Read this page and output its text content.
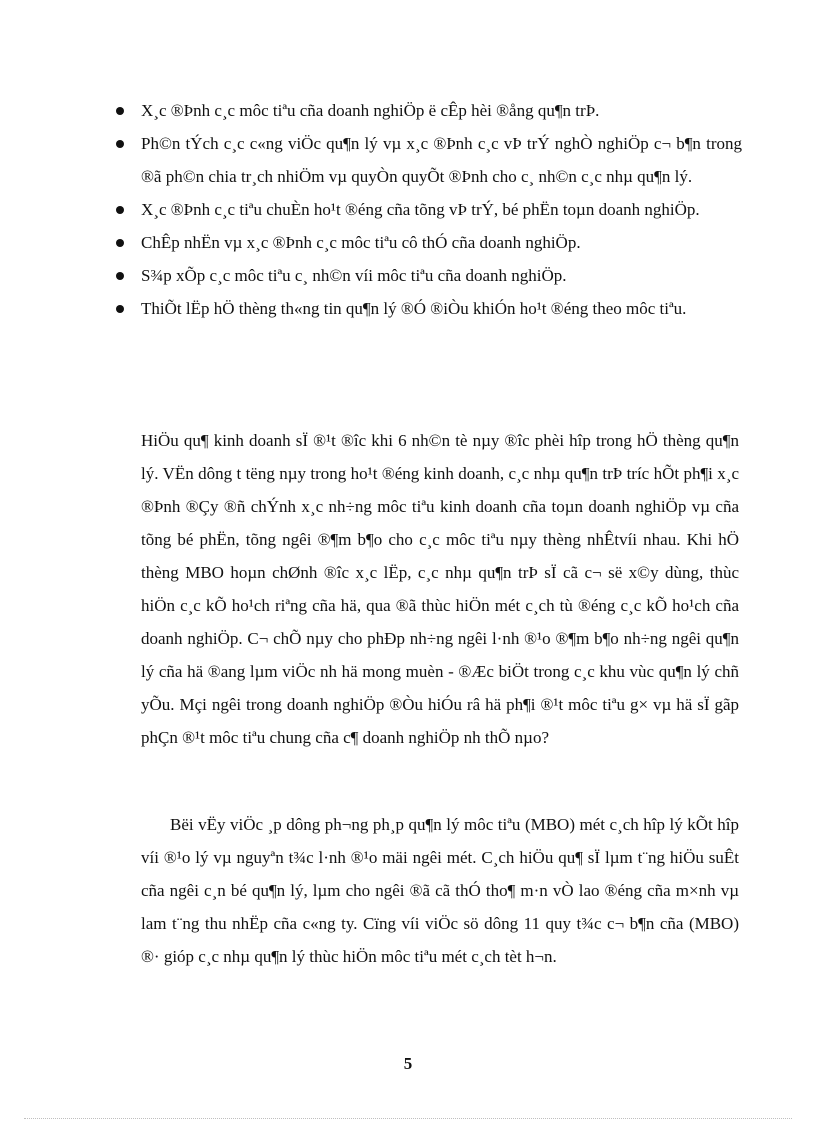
X¸c ®Þnh c¸c môc tiªu cña doanh nghiÖp ë cÊp hèi ®ång qu¶n trÞ.
Ph©n tÝch c¸c c«ng viÖc qu¶n lý vµ x¸c ®Þnh c¸c vÞ trÝ nghÒ nghiÖp c¬ b¶n trong ®ã ph©n chia tr¸ch nhiÖm vµ quyÒn quyÕt ®Þnh cho c¸ nh©n c¸c nhµ qu¶n lý.
X¸c ®Þnh c¸c tiªu chuÈn ho¹t ®éng cña tõng vÞ trÝ, bé phËn toµn doanh nghiÖp.
ChÊp nhËn vµ x¸c ®Þnh c¸c môc tiªu cô thÓ cña doanh nghiÖp.
S¾p xÕp c¸c môc tiªu c¸ nh©n víi môc tiªu cña doanh nghiÖp.
ThiÕt lËp hÖ thèng th«ng tin qu¶n lý ®Ó ®iÒu khiÓn ho¹t ®éng theo môc tiªu.

HiÖu qu¶ kinh doanh sÏ ®¹t ®îc khi 6 nh©n tè nµy ®îc phèi hîp trong hÖ thèng qu¶n lý. VËn dông t tëng nµy trong ho¹t ®éng kinh doanh, c¸c nhµ qu¶n trÞ tríc hÕt ph¶i x¸c ®Þnh ®Çy ®ñ chÝnh x¸c nh÷ng môc tiªu kinh doanh cña toµn doanh nghiÖp vµ cña tõng bé phËn, tõng ngêi ®¶m b¶o cho c¸c môc tiªu nµy thèng nhÊtvíi nhau. Khi hÖ thèng MBO hoµn chØnh ®îc x¸c lËp, c¸c nhµ qu¶n trÞ sÏ cã c¬ së x©y dùng, thùc hiÖn c¸c kÕ ho¹ch riªng cña hä, qua ®ã thùc hiÖn mét c¸ch tù ®éng c¸c kÕ ho¹ch cña doanh nghiÖp. C¬ chÕ nµy cho phÐp nh÷ng ngêi l·nh ®¹o ®¶m b¶o nh÷ng ngêi qu¶n lý cña hä ®ang lµm viÖc nh hä mong muèn - ®Æc biÖt trong c¸c khu vùc qu¶n lý chñ yÕu. Mçi ngêi trong doanh nghiÖp ®Òu hiÓu râ hä ph¶i ®¹t môc tiªu g× vµ hä sÏ gãp phÇn ®¹t môc tiªu chung cña c¶ doanh nghiÖp nh thÕ nµo?

Bëi vËy viÖc ¸p dông ph¬ng ph¸p qu¶n lý môc tiªu (MBO) mét c¸ch hîp lý kÕt hîp víi ®¹o lý vµ nguyªn t¾c l·nh ®¹o mäi ngêi mét. C¸ch hiÖu qu¶ sÏ lµm t¨ng hiÖu suÊt cña ngêi c¸n bé qu¶n lý, lµm cho ngêi ®ã cã thÓ tho¶ m·n vÒ lao ®éng cña m×nh vµ lam t¨ng thu nhËp cña c«ng ty. Cïng víi viÖc sö dông 11 quy t¾c c¬ b¶n cña (MBO) ®· gióp c¸c nhµ qu¶n lý thùc hiÖn môc tiªu mét c¸ch tèt h¬n.

5
